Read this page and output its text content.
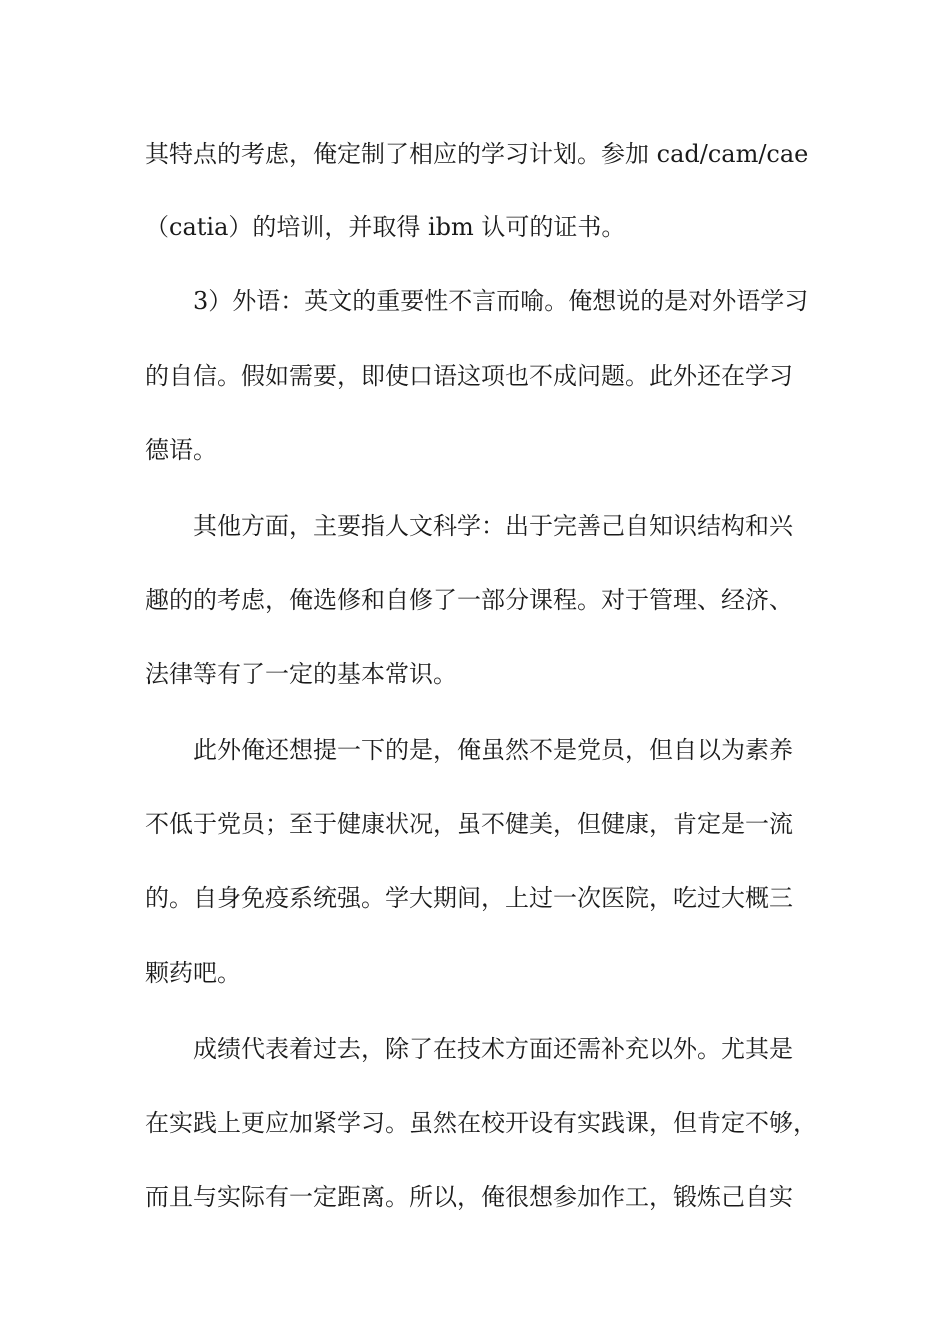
其特点的考虑，俺定制了相应的学习计划。参加 cad/cam/cae
（catia）的培训，并取得 ibm 认可的证书。
3）外语：英文的重要性不言而喻。俺想说的是对外语学习
的自信。假如需要，即使口语这项也不成问题。此外还在学习
德语。
其他方面，主要指人文科学：出于完善己自知识结构和兴
趣的的考虑，俺选修和自修了一部分课程。对于管理、经济、
法律等有了一定的基本常识。
此外俺还想提一下的是，俺虽然不是党员，但自以为素养
不低于党员；至于健康状况，虽不健美，但健康，肯定是一流
的。自身免疫系统强。学大期间，上过一次医院，吃过大概三
颗药吧。
成绩代表着过去，除了在技术方面还需补充以外。尤其是
在实践上更应加紧学习。虽然在校开设有实践课，但肯定不够，
而且与实际有一定距离。所以，俺很想参加作工，锻炼己自实
